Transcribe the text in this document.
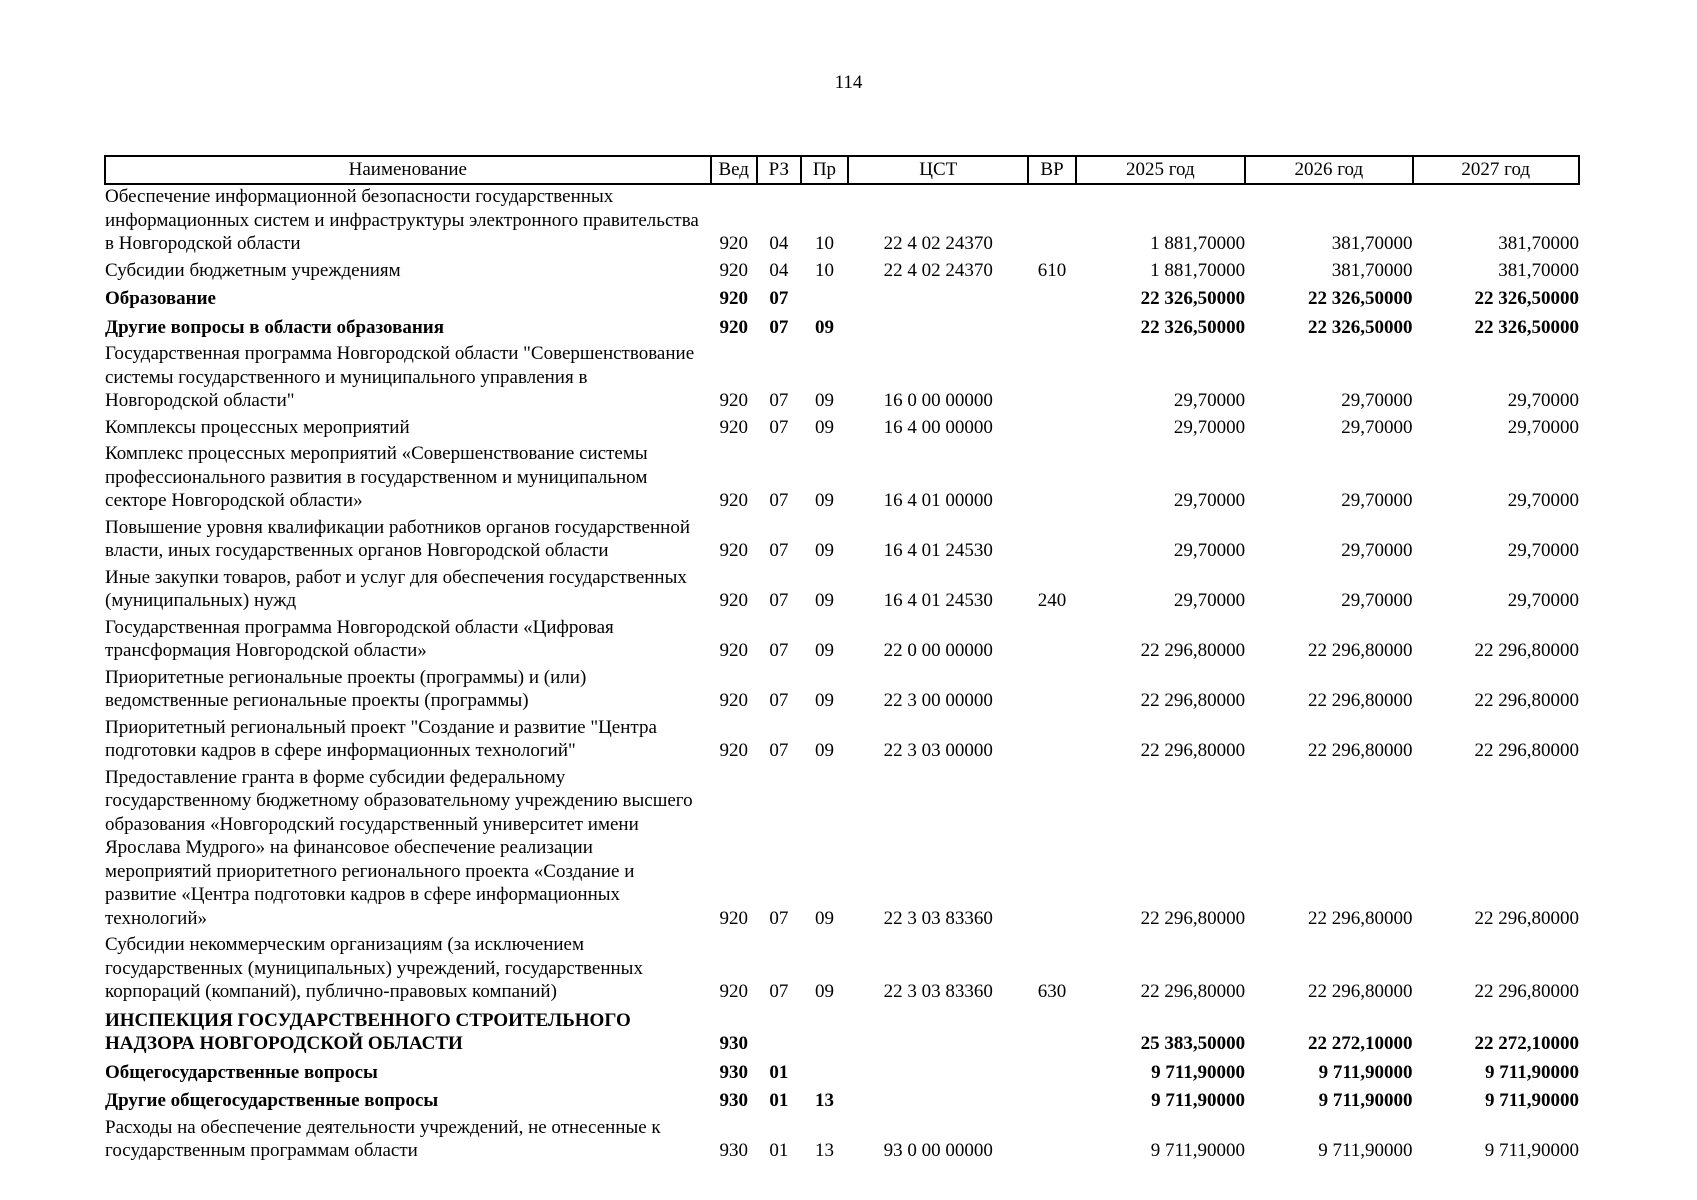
114
Наименование	Вед	РЗ	Пр	ЦСТ	ВР	2025 год	2026 год	2027 год
Обеспечение информационной безопасности государственных информационных систем и инфраструктуры электронного правительства в Новгородской области	920	04	10	22 4 02 24370		1 881,70000	381,70000	381,70000
Субсидии бюджетным учреждениям	920	04	10	22 4 02 24370	610	1 881,70000	381,70000	381,70000
Образование	920	07				22 326,50000	22 326,50000	22 326,50000
Другие вопросы в области образования	920	07	09			22 326,50000	22 326,50000	22 326,50000
Государственная программа Новгородской области "Совершенствование системы государственного и муниципального управления в Новгородской области"	920	07	09	16 0 00 00000		29,70000	29,70000	29,70000
Комплексы процессных мероприятий	920	07	09	16 4 00 00000		29,70000	29,70000	29,70000
Комплекс процессных мероприятий «Совершенствование системы профессионального развития в государственном и муниципальном секторе Новгородской области»	920	07	09	16 4 01 00000		29,70000	29,70000	29,70000
Повышение уровня квалификации работников органов государственной власти, иных государственных органов Новгородской области	920	07	09	16 4 01 24530		29,70000	29,70000	29,70000
Иные закупки товаров, работ и услуг для обеспечения государственных (муниципальных) нужд	920	07	09	16 4 01 24530	240	29,70000	29,70000	29,70000
Государственная программа Новгородской области «Цифровая трансформация Новгородской области»	920	07	09	22 0 00 00000		22 296,80000	22 296,80000	22 296,80000
Приоритетные региональные проекты (программы) и (или) ведомственные региональные проекты (программы)	920	07	09	22 3 00 00000		22 296,80000	22 296,80000	22 296,80000
Приоритетный региональный проект "Создание и развитие "Центра подготовки кадров в сфере информационных технологий"	920	07	09	22 3 03 00000		22 296,80000	22 296,80000	22 296,80000
Предоставление гранта в форме субсидии федеральному государственному бюджетному образовательному учреждению высшего образования «Новгородский государственный университет имени Ярослава Мудрого» на финансовое обеспечение реализации мероприятий приоритетного регионального проекта «Создание и развитие «Центра подготовки кадров в сфере информационных технологий»	920	07	09	22 3 03 83360		22 296,80000	22 296,80000	22 296,80000
Субсидии некоммерческим организациям (за исключением государственных (муниципальных) учреждений, государственных корпораций (компаний), публично-правовых компаний)	920	07	09	22 3 03 83360	630	22 296,80000	22 296,80000	22 296,80000
ИНСПЕКЦИЯ ГОСУДАРСТВЕННОГО СТРОИТЕЛЬНОГО НАДЗОРА НОВГОРОДСКОЙ ОБЛАСТИ	930					25 383,50000	22 272,10000	22 272,10000
Общегосударственные вопросы	930	01				9 711,90000	9 711,90000	9 711,90000
Другие общегосударственные вопросы	930	01	13			9 711,90000	9 711,90000	9 711,90000
Расходы на обеспечение деятельности учреждений, не отнесенные к государственным программам области	930	01	13	93 0 00 00000		9 711,90000	9 711,90000	9 711,90000
